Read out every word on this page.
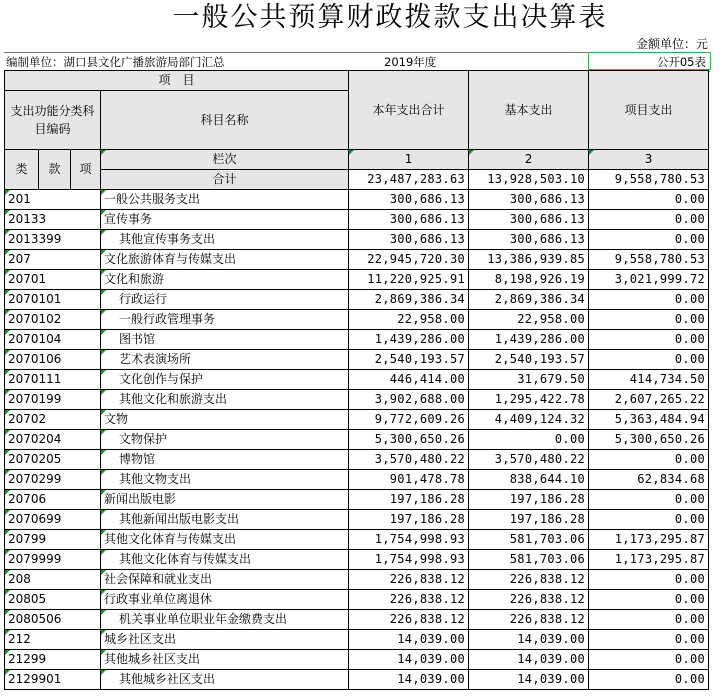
一般公共预算财政拨款支出决算表
金额单位：元
编制单位：湖口县文化广播旅游局部门汇总	2019年度	公开05表
项　目				本年支出合计	基本支出	项目支出
支出功能分类科目编码			科目名称			
类	款	项				
			栏次	1	2	3
			合计	23,487,283.63	13,928,503.10	9,558,780.53
201			一般公共服务支出	300,686.13	300,686.13	0.00
20133			宣传事务	300,686.13	300,686.13	0.00
2013399			其他宣传事务支出	300,686.13	300,686.13	0.00
207			文化旅游体育与传媒支出	22,945,720.30	13,386,939.85	9,558,780.53
20701			文化和旅游	11,220,925.91	8,198,926.19	3,021,999.72
2070101			行政运行	2,869,386.34	2,869,386.34	0.00
2070102			一般行政管理事务	22,958.00	22,958.00	0.00
2070104			图书馆	1,439,286.00	1,439,286.00	0.00
2070106			艺术表演场所	2,540,193.57	2,540,193.57	0.00
2070111			文化创作与保护	446,414.00	31,679.50	414,734.50
2070199			其他文化和旅游支出	3,902,688.00	1,295,422.78	2,607,265.22
20702			文物	9,772,609.26	4,409,124.32	5,363,484.94
2070204			文物保护	5,300,650.26	0.00	5,300,650.26
2070205			博物馆	3,570,480.22	3,570,480.22	0.00
2070299			其他文物支出	901,478.78	838,644.10	62,834.68
20706			新闻出版电影	197,186.28	197,186.28	0.00
2070699			其他新闻出版电影支出	197,186.28	197,186.28	0.00
20799			其他文化体育与传媒支出	1,754,998.93	581,703.06	1,173,295.87
2079999			其他文化体育与传媒支出	1,754,998.93	581,703.06	1,173,295.87
208			社会保障和就业支出	226,838.12	226,838.12	0.00
20805			行政事业单位离退休	226,838.12	226,838.12	0.00
2080506			机关事业单位职业年金缴费支出	226,838.12	226,838.12	0.00
212			城乡社区支出	14,039.00	14,039.00	0.00
21299			其他城乡社区支出	14,039.00	14,039.00	0.00
2129901			其他城乡社区支出	14,039.00	14,039.00	0.00
